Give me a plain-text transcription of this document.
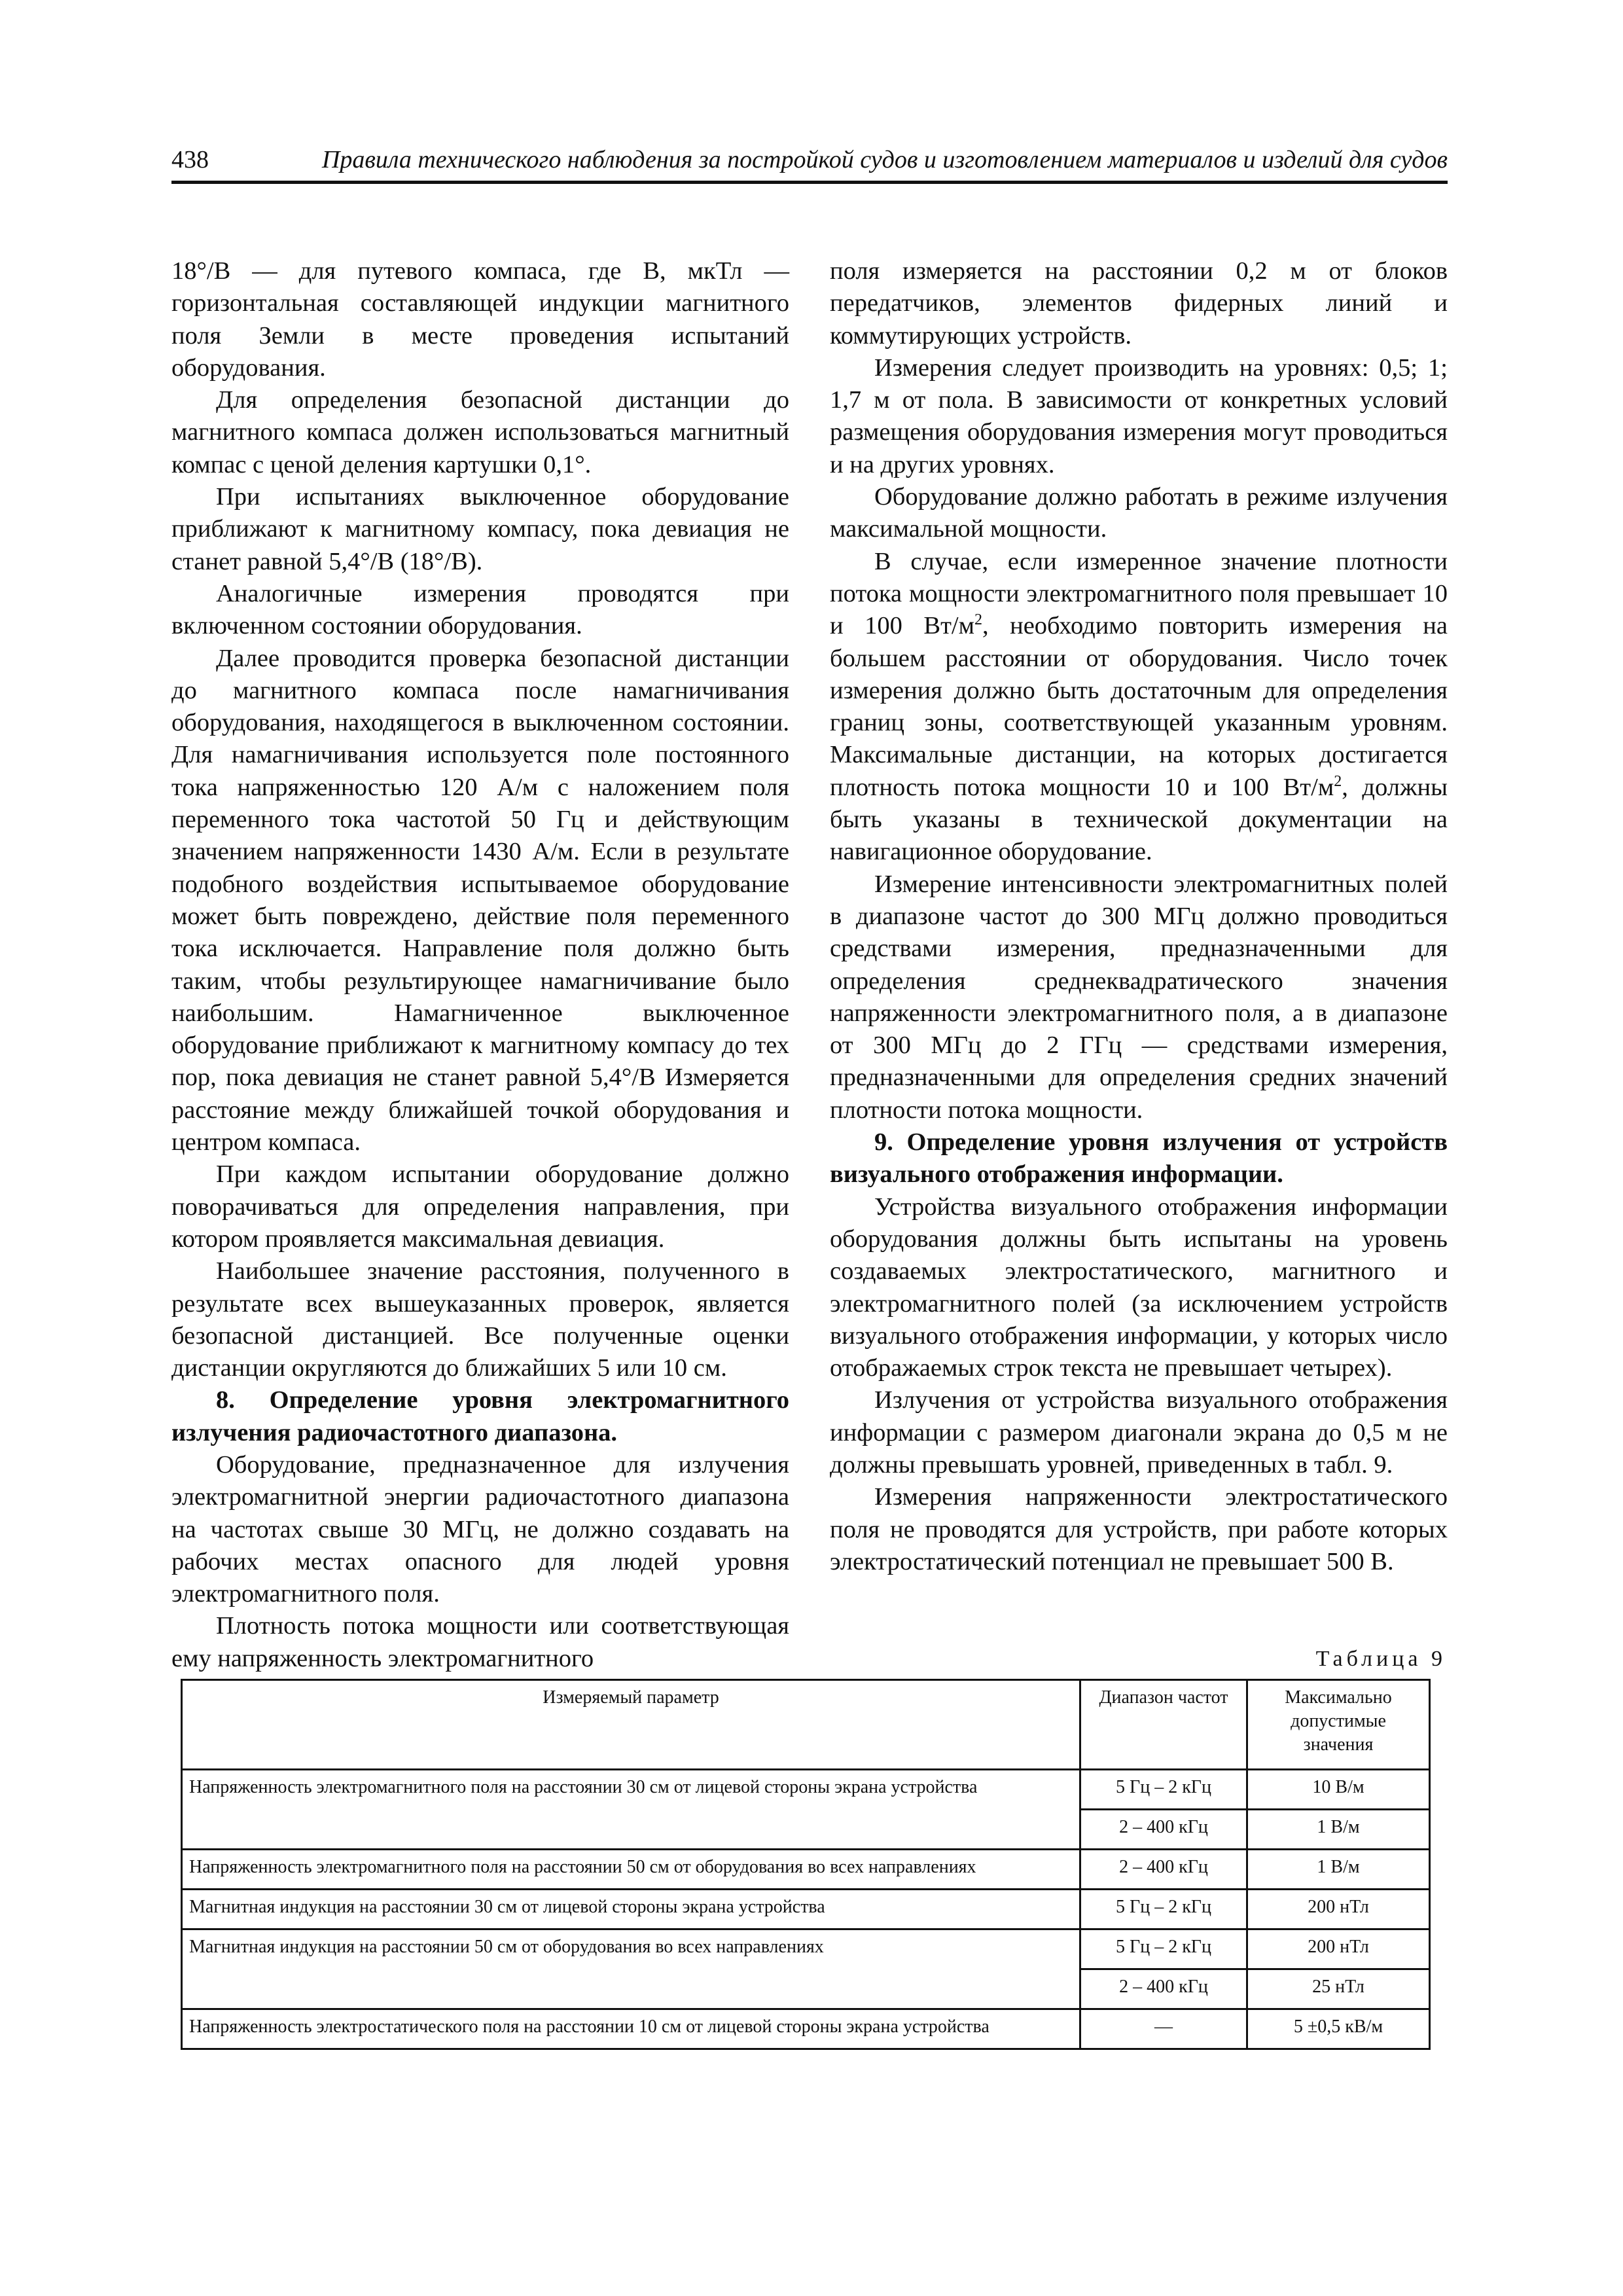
438	Правила технического наблюдения за постройкой судов и изготовлением материалов и изделий для судов

18°/B — для путевого компаса, где B, мкТл — горизонтальная составляющей индукции магнитного поля Земли в месте проведения испытаний оборудования.

Для определения безопасной дистанции до магнитного компаса должен использоваться магнитный компас с ценой деления картушки 0,1°.

При испытаниях выключенное оборудование приближают к магнитному компасу, пока девиация не станет равной 5,4°/B (18°/B).

Аналогичные измерения проводятся при включенном состоянии оборудования.

Далее проводится проверка безопасной дистанции до магнитного компаса после намагничивания оборудования, находящегося в выключенном состоянии. Для намагничивания используется поле постоянного тока напряженностью 120 А/м с наложением поля переменного тока частотой 50 Гц и действующим значением напряженности 1430 А/м. Если в результате подобного воздействия испытываемое оборудование может быть повреждено, действие поля переменного тока исключается. Направление поля должно быть таким, чтобы результирующее намагничивание было наибольшим. Намагниченное выключенное оборудование приближают к магнитному компасу до тех пор, пока девиация не станет равной 5,4°/B Измеряется расстояние между ближайшей точкой оборудования и центром компаса.

При каждом испытании оборудование должно поворачиваться для определения направления, при котором проявляется максимальная девиация.

Наибольшее значение расстояния, полученного в результате всех вышеуказанных проверок, является безопасной дистанцией. Все полученные оценки дистанции округляются до ближайших 5 или 10 см.

8. Определение уровня электромагнитного излучения радиочастотного диапазона.

Оборудование, предназначенное для излучения электромагнитной энергии радиочастотного диапазона на частотах свыше 30 МГц, не должно создавать на рабочих местах опасного для людей уровня электромагнитного поля.

Плотность потока мощности или соответствующая ему напряженность электромагнитного

поля измеряется на расстоянии 0,2 м от блоков передатчиков, элементов фидерных линий и коммутирующих устройств.

Измерения следует производить на уровнях: 0,5; 1; 1,7 м от пола. В зависимости от конкретных условий размещения оборудования измерения могут проводиться и на других уровнях.

Оборудование должно работать в режиме излучения максимальной мощности.

В случае, если измеренное значение плотности потока мощности электромагнитного поля превышает 10 и 100 $Вт/м^2$, необходимо повторить измерения на большем расстоянии от оборудования. Число точек измерения должно быть достаточным для определения границ зоны, соответствующей указанным уровням. Максимальные дистанции, на которых достигается плотность потока мощности 10 и 100 $Вт/м^2$, должны быть указаны в технической документации на навигационное оборудование.

Измерение интенсивности электромагнитных полей в диапазоне частот до 300 МГц должно проводиться средствами измерения, предназначенными для определения среднеквадратического значения напряженности электромагнитного поля, а в диапазоне от 300 МГц до 2 ГГц — средствами измерения, предназначенными для определения средних значений плотности потока мощности.

9. Определение уровня излучения от устройств визуального отображения информации.

Устройства визуального отображения информации оборудования должны быть испытаны на уровень создаваемых электростатического, магнитного и электромагнитного полей (за исключением устройств визуального отображения информации, у которых число отображаемых строк текста не превышает четырех).

Излучения от устройства визуального отображения информации с размером диагонали экрана до 0,5 м не должны превышать уровней, приведенных в табл. 9.

Измерения напряженности электростатического поля не проводятся для устройств, при работе которых электростатический потенциал не превышает 500 В.

Таблица 9
Измеряемый параметр	Диапазон частот	Максимально допустимые значения
Напряженность электромагнитного поля на расстоянии 30 см от лицевой стороны экрана устройства	5 Гц – 2 кГц	10 В/м
	2 – 400 кГц	1 В/м
Напряженность электромагнитного поля на расстоянии 50 см от оборудования во всех направлениях	2 – 400 кГц	1 В/м
Магнитная индукция на расстоянии 30 см от лицевой стороны экрана устройства	5 Гц – 2 кГц	200 нТл
Магнитная индукция на расстоянии 50 см от оборудования во всех направлениях	5 Гц – 2 кГц	200 нТл
	2 – 400 кГц	25 нТл
Напряженность электростатического поля на расстоянии 10 см от лицевой стороны экрана устройства	—	5 ±0,5 кВ/м
